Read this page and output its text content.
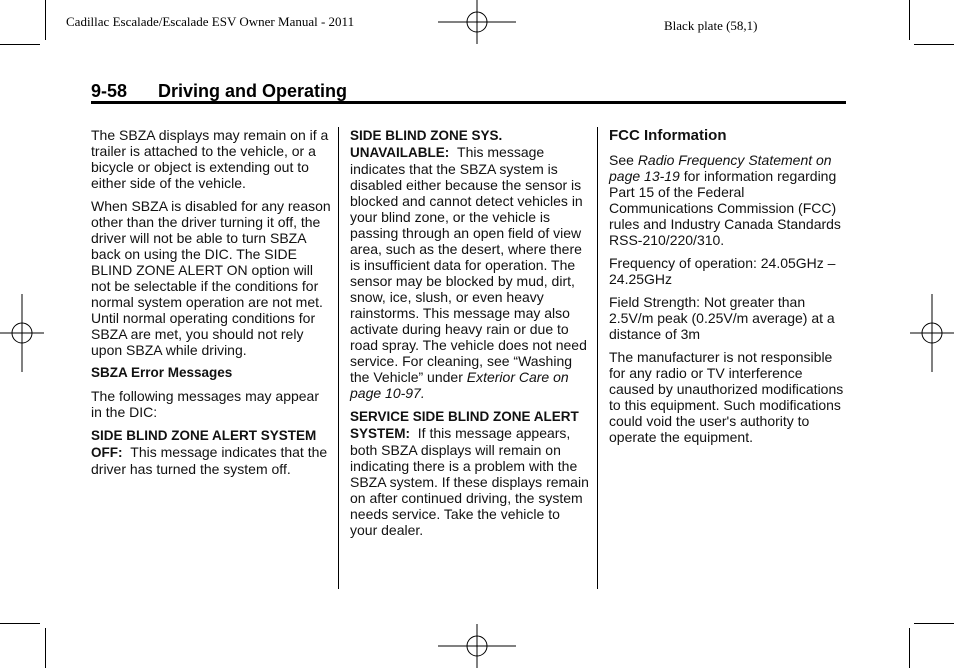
Cadillac Escalade/Escalade ESV Owner Manual - 2011	Black plate (58,1)
9-58 Driving and Operating

The SBZA displays may remain on if a trailer is attached to the vehicle, or a bicycle or object is extending out to either side of the vehicle.

When SBZA is disabled for any reason other than the driver turning it off, the driver will not be able to turn SBZA back on using the DIC. The SIDE BLIND ZONE ALERT ON option will not be selectable if the conditions for normal system operation are not met. Until normal operating conditions for SBZA are met, you should not rely upon SBZA while driving.

SBZA Error Messages

The following messages may appear in the DIC:

SIDE BLIND ZONE ALERT SYSTEM OFF: This message indicates that the driver has turned the system off.

SIDE BLIND ZONE SYS. UNAVAILABLE: This message indicates that the SBZA system is disabled either because the sensor is blocked and cannot detect vehicles in your blind zone, or the vehicle is passing through an open field of view area, such as the desert, where there is insufficient data for operation. The sensor may be blocked by mud, dirt, snow, ice, slush, or even heavy rainstorms. This message may also activate during heavy rain or due to road spray. The vehicle does not need service. For cleaning, see “Washing the Vehicle” under Exterior Care on page 10-97.

SERVICE SIDE BLIND ZONE ALERT SYSTEM: If this message appears, both SBZA displays will remain on indicating there is a problem with the SBZA system. If these displays remain on after continued driving, the system needs service. Take the vehicle to your dealer.

FCC Information

See Radio Frequency Statement on page 13-19 for information regarding Part 15 of the Federal Communications Commission (FCC) rules and Industry Canada Standards RSS-210/220/310.

Frequency of operation: 24.05GHz – 24.25GHz

Field Strength: Not greater than 2.5V/m peak (0.25V/m average) at a distance of 3m

The manufacturer is not responsible for any radio or TV interference caused by unauthorized modifications to this equipment. Such modifications could void the user's authority to operate the equipment.
